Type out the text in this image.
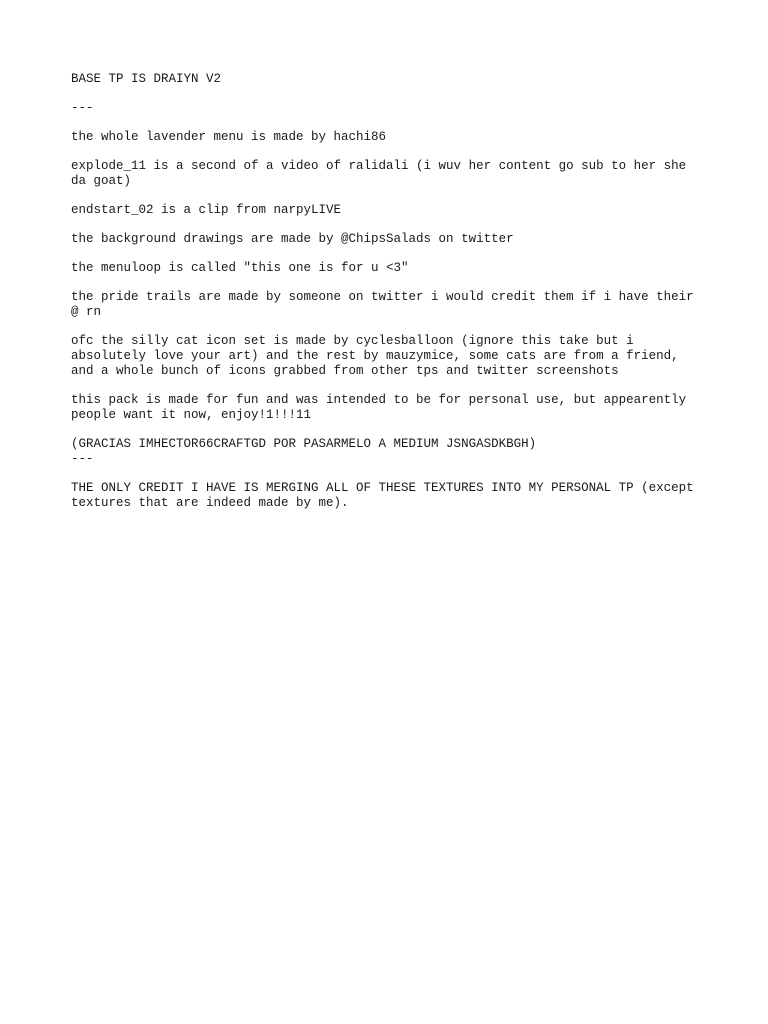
BASE TP IS DRAIYN V2

---

the whole lavender menu is made by hachi86

explode_11 is a second of a video of ralidali (i wuv her content go sub to her she
da goat)

endstart_02 is a clip from narpyLIVE

the background drawings are made by @ChipsSalads on twitter

the menuloop is called "this one is for u <3"

the pride trails are made by someone on twitter i would credit them if i have their
@ rn

ofc the silly cat icon set is made by cyclesballoon (ignore this take but i
absolutely love your art) and the rest by mauzymice, some cats are from a friend,
and a whole bunch of icons grabbed from other tps and twitter screenshots

this pack is made for fun and was intended to be for personal use, but appearently
people want it now, enjoy!1!!!11

(GRACIAS IMHECTOR66CRAFTGD POR PASARMELO A MEDIUM JSNGASDKBGH)

---

THE ONLY CREDIT I HAVE IS MERGING ALL OF THESE TEXTURES INTO MY PERSONAL TP (except
textures that are indeed made by me).
